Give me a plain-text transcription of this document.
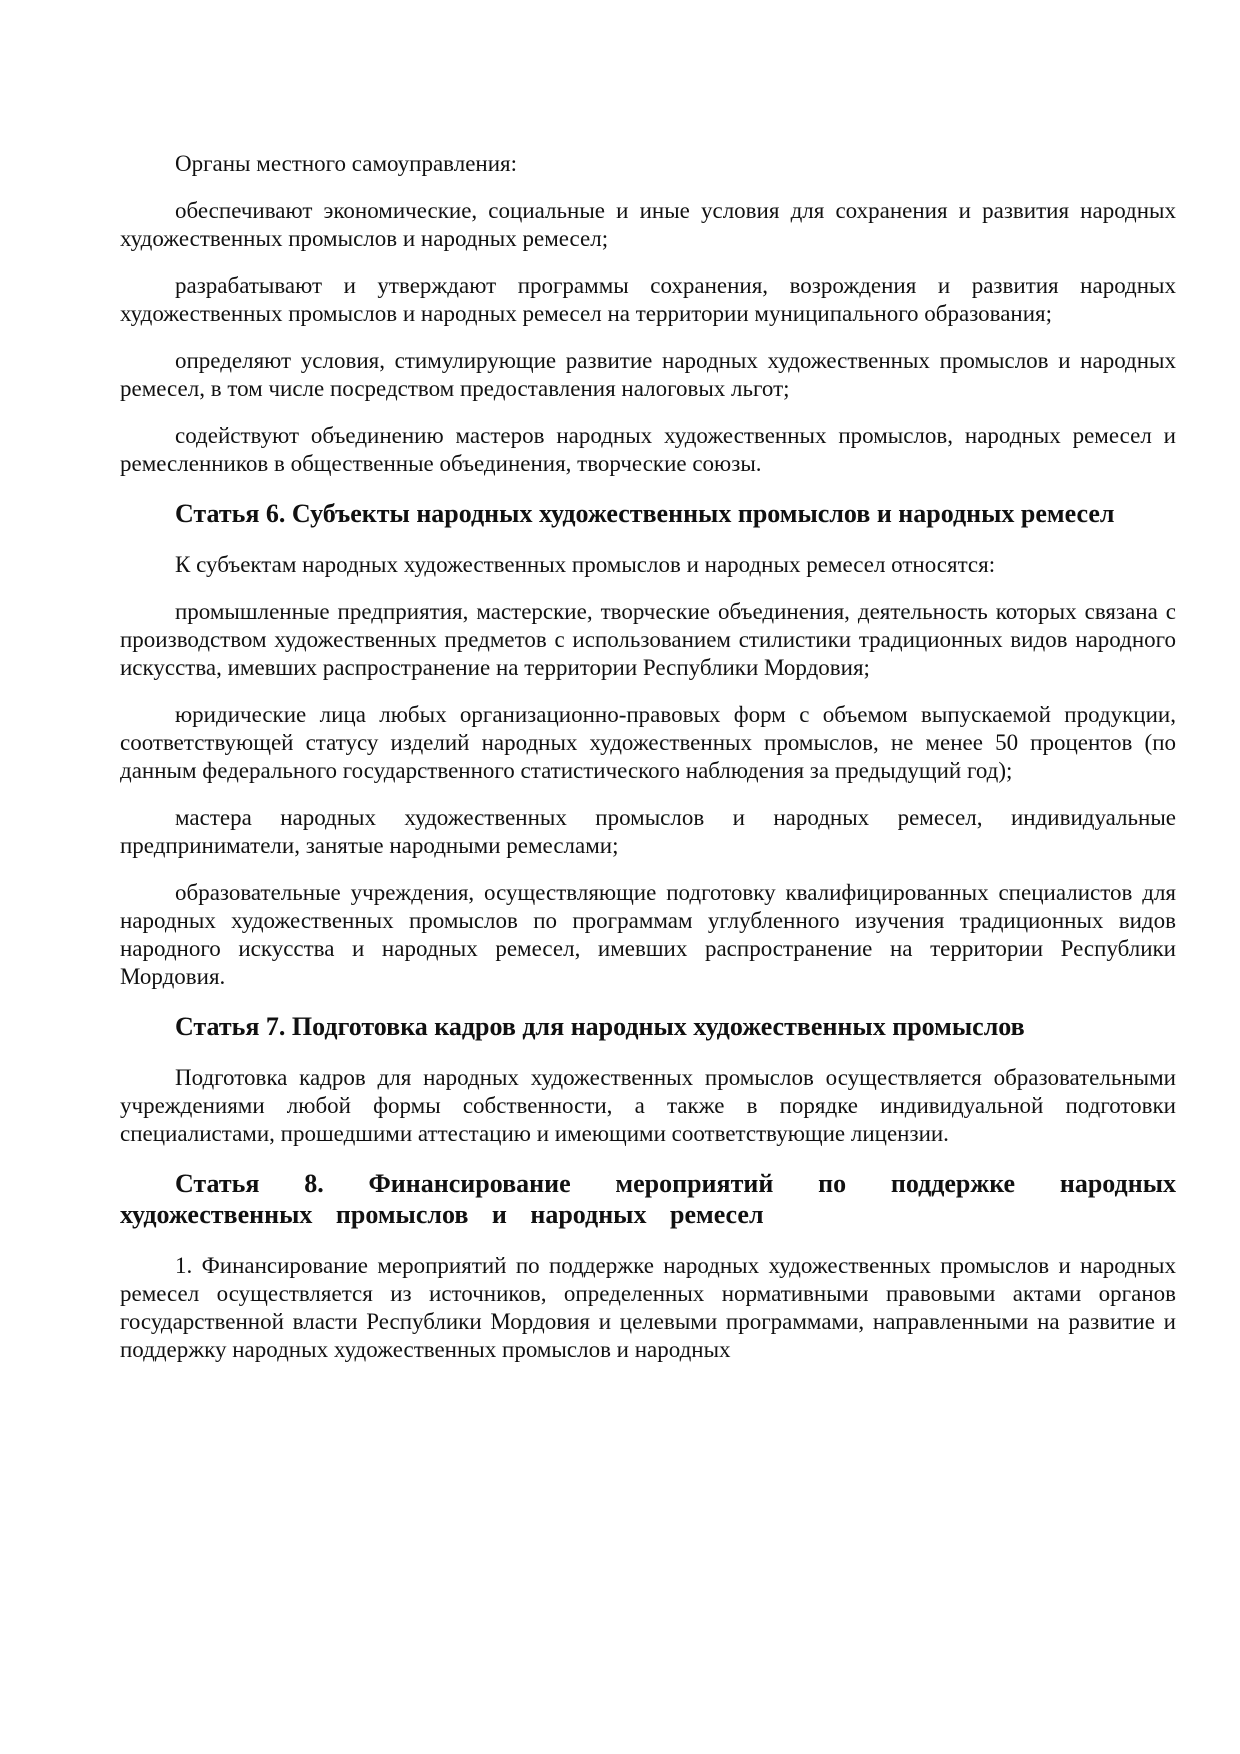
Органы местного самоуправления:

обеспечивают экономические, социальные и иные условия для сохранения и развития народных художественных промыслов и народных ремесел;

разрабатывают и утверждают программы сохранения, возрождения и развития народных художественных промыслов и народных ремесел на территории муниципального образования;

определяют условия, стимулирующие развитие народных художественных промыслов и народных ремесел, в том числе посредством предоставления налоговых льгот;

содействуют объединению мастеров народных художественных промыслов, народных ремесел и ремесленников в общественные объединения, творческие союзы.

Статья 6. Субъекты народных художественных промыслов и народных ремесел

К субъектам народных художественных промыслов и народных ремесел относятся:

промышленные предприятия, мастерские, творческие объединения, деятельность которых связана с производством художественных предметов с использованием стилистики традиционных видов народного искусства, имевших распространение на территории Республики Мордовия;

юридические лица любых организационно-правовых форм с объемом выпускаемой продукции, соответствующей статусу изделий народных художественных промыслов, не менее 50 процентов (по данным федерального государственного статистического наблюдения за предыдущий год);

мастера народных художественных промыслов и народных ремесел, индивидуальные предприниматели, занятые народными ремеслами;

образовательные учреждения, осуществляющие подготовку квалифицированных специалистов для народных художественных промыслов по программам углубленного изучения традиционных видов народного искусства и народных ремесел, имевших распространение на территории Республики Мордовия.

Статья 7. Подготовка кадров для народных художественных промыслов

Подготовка кадров для народных художественных промыслов осуществляется образовательными учреждениями любой формы собственности, а также в порядке индивидуальной подготовки специалистами, прошедшими аттестацию и имеющими соответствующие лицензии.

Статья 8. Финансирование мероприятий по поддержке народных художественных промыслов и народных ремесел

1. Финансирование мероприятий по поддержке народных художественных промыслов и народных ремесел осуществляется из источников, определенных нормативными правовыми актами органов государственной власти Республики Мордовия и целевыми программами, направленными на развитие и поддержку народных художественных промыслов и народных
